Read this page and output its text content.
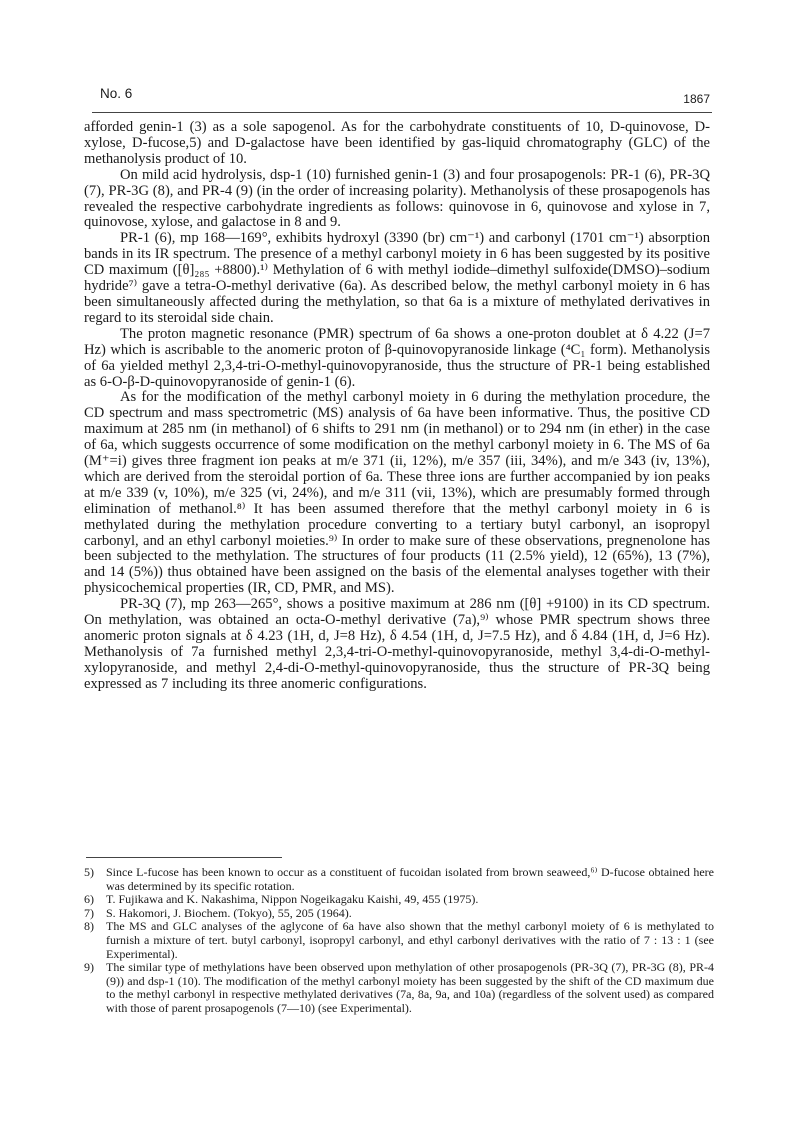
No. 6	1867

afforded genin-1 (3) as a sole sapogenol. As for the carbohydrate constituents of 10, D-quinovose, D-xylose, D-fucose,5) and D-galactose have been identified by gas-liquid chromatography (GLC) of the methanolysis product of 10.

On mild acid hydrolysis, dsp-1 (10) furnished genin-1 (3) and four prosapogenols: PR-1 (6), PR-3Q (7), PR-3G (8), and PR-4 (9) (in the order of increasing polarity). Methanolysis of these prosapogenols has revealed the respective carbohydrate ingredients as follows: quinovose in 6, quinovose and xylose in 7, quinovose, xylose, and galactose in 8 and 9.

PR-1 (6), mp 168—169°, exhibits hydroxyl (3390 (br) cm⁻¹) and carbonyl (1701 cm⁻¹) absorption bands in its IR spectrum. The presence of a methyl carbonyl moiety in 6 has been suggested by its positive CD maximum ([θ]₂₈₅ +8800).¹⁾ Methylation of 6 with methyl iodide–dimethyl sulfoxide(DMSO)–sodium hydride⁷⁾ gave a tetra-O-methyl derivative (6a). As described below, the methyl carbonyl moiety in 6 has been simultaneously affected during the methylation, so that 6a is a mixture of methylated derivatives in regard to its steroidal side chain.

The proton magnetic resonance (PMR) spectrum of 6a shows a one-proton doublet at δ 4.22 (J=7 Hz) which is ascribable to the anomeric proton of β-quinovopyranoside linkage (⁴C₁ form). Methanolysis of 6a yielded methyl 2,3,4-tri-O-methyl-quinovopyranoside, thus the structure of PR-1 being established as 6-O-β-D-quinovopyranoside of genin-1 (6).

As for the modification of the methyl carbonyl moiety in 6 during the methylation procedure, the CD spectrum and mass spectrometric (MS) analysis of 6a have been informative. Thus, the positive CD maximum at 285 nm (in methanol) of 6 shifts to 291 nm (in methanol) or to 294 nm (in ether) in the case of 6a, which suggests occurrence of some modification on the methyl carbonyl moiety in 6. The MS of 6a (M⁺=i) gives three fragment ion peaks at m/e 371 (ii, 12%), m/e 357 (iii, 34%), and m/e 343 (iv, 13%), which are derived from the steroidal portion of 6a. These three ions are further accompanied by ion peaks at m/e 339 (v, 10%), m/e 325 (vi, 24%), and m/e 311 (vii, 13%), which are presumably formed through elimination of methanol.⁸⁾ It has been assumed therefore that the methyl carbonyl moiety in 6 is methylated during the methylation procedure converting to a tertiary butyl carbonyl, an isopropyl carbonyl, and an ethyl carbonyl moieties.⁹⁾ In order to make sure of these observations, pregnenolone has been subjected to the methylation. The structures of four products (11 (2.5% yield), 12 (65%), 13 (7%), and 14 (5%)) thus obtained have been assigned on the basis of the elemental analyses together with their physicochemical properties (IR, CD, PMR, and MS).

PR-3Q (7), mp 263—265°, shows a positive maximum at 286 nm ([θ] +9100) in its CD spectrum. On methylation, was obtained an octa-O-methyl derivative (7a),⁹⁾ whose PMR spectrum shows three anomeric proton signals at δ 4.23 (1H, d, J=8 Hz), δ 4.54 (1H, d, J=7.5 Hz), and δ 4.84 (1H, d, J=6 Hz). Methanolysis of 7a furnished methyl 2,3,4-tri-O-methyl-quinovopyranoside, methyl 3,4-di-O-methyl-xylopyranoside, and methyl 2,4-di-O-methyl-quinovopyranoside, thus the structure of PR-3Q being expressed as 7 including its three anomeric configurations.

5)	Since L-fucose has been known to occur as a constituent of fucoidan isolated from brown seaweed,⁶⁾ D-fucose obtained here was determined by its specific rotation.
6)	T. Fujikawa and K. Nakashima, Nippon Nogeikagaku Kaishi, 49, 455 (1975).
7)	S. Hakomori, J. Biochem. (Tokyo), 55, 205 (1964).
8)	The MS and GLC analyses of the aglycone of 6a have also shown that the methyl carbonyl moiety of 6 is methylated to furnish a mixture of tert. butyl carbonyl, isopropyl carbonyl, and ethyl carbonyl derivatives with the ratio of 7 : 13 : 1 (see Experimental).
9)	The similar type of methylations have been observed upon methylation of other prosapogenols (PR-3Q (7), PR-3G (8), PR-4 (9)) and dsp-1 (10). The modification of the methyl carbonyl moiety has been suggested by the shift of the CD maximum due to the methyl carbonyl in respective methylated derivatives (7a, 8a, 9a, and 10a) (regardless of the solvent used) as compared with those of parent prosapogenols (7—10) (see Experimental).
